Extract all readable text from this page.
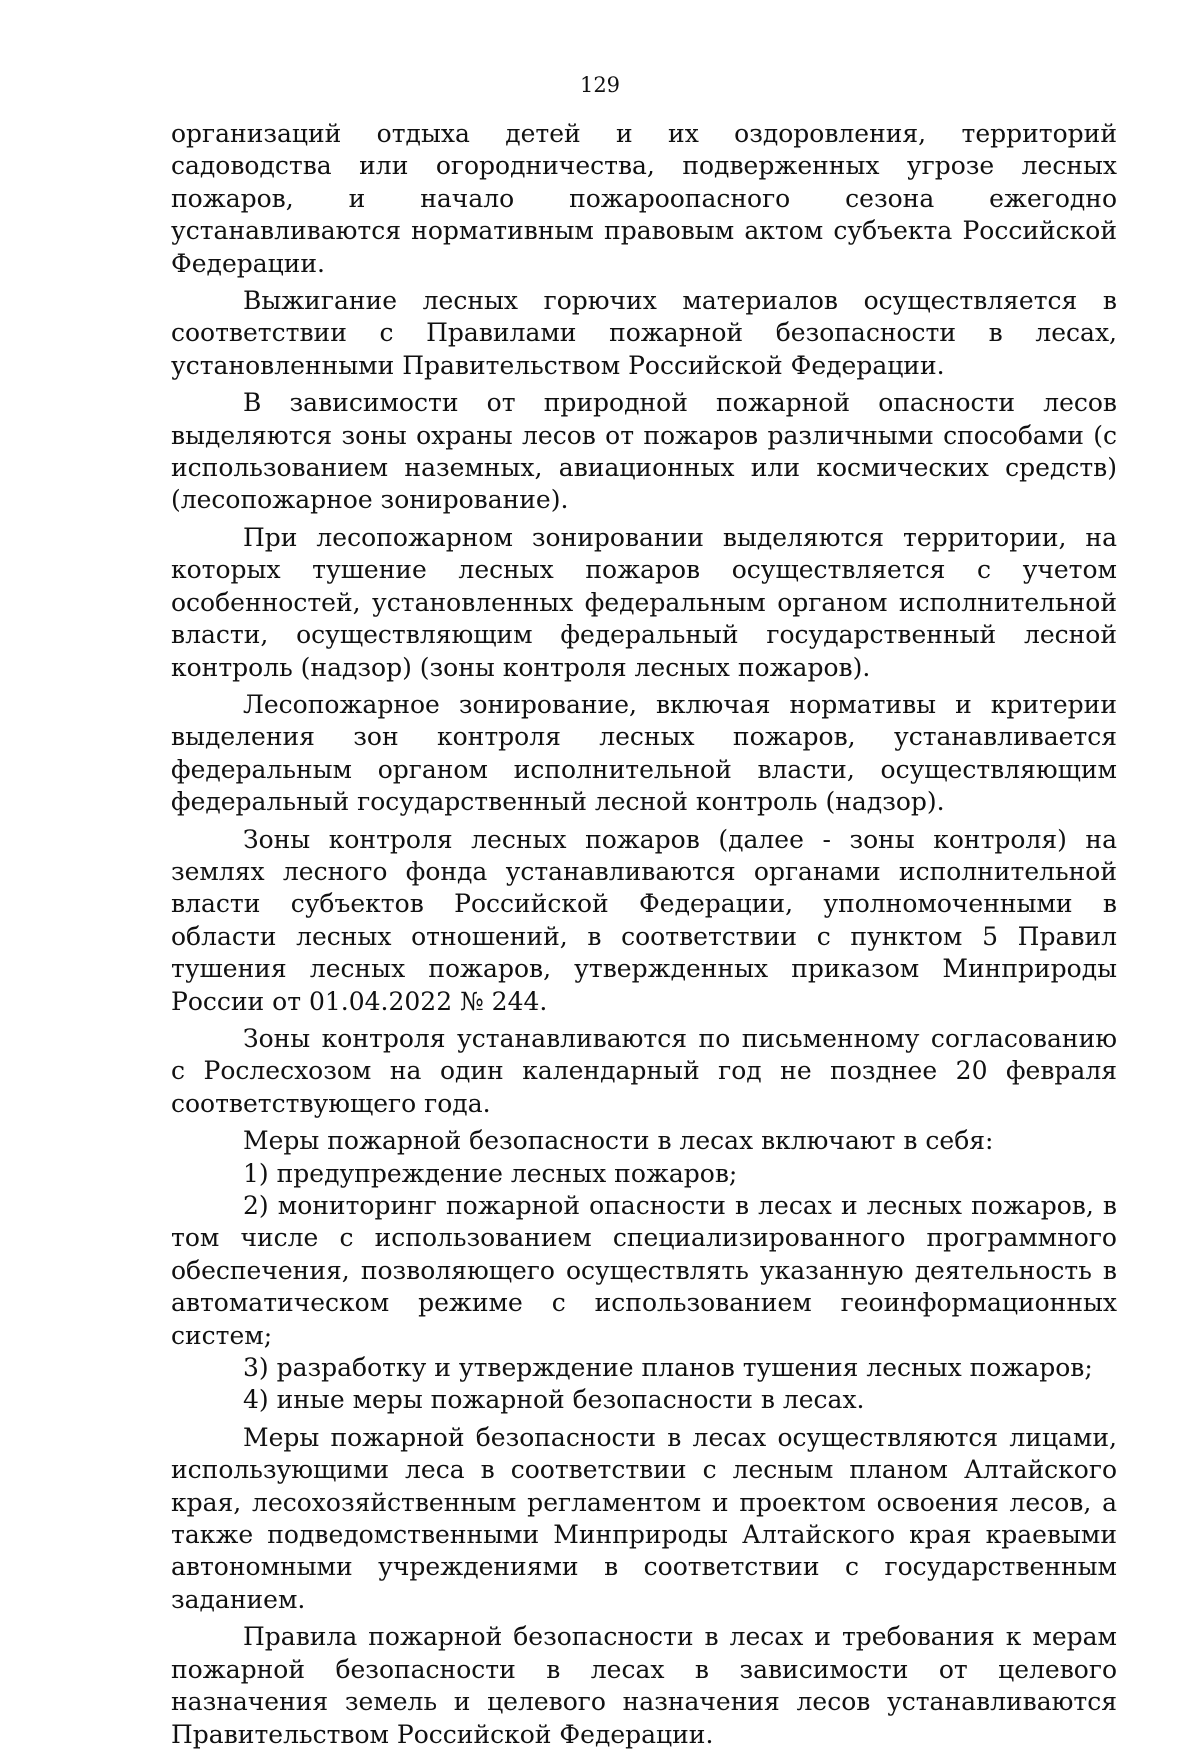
129

организаций отдыха детей и их оздоровления, территорий садоводства или огородничества, подверженных угрозе лесных пожаров, и начало пожароопасного сезона ежегодно устанавливаются нормативным правовым актом субъекта Российской Федерации.

Выжигание лесных горючих материалов осуществляется в соответствии с Правилами пожарной безопасности в лесах, установленными Правительством Российской Федерации.

В зависимости от природной пожарной опасности лесов выделяются зоны охраны лесов от пожаров различными способами (с использованием наземных, авиационных или космических средств) (лесопожарное зонирование).

При лесопожарном зонировании выделяются территории, на которых тушение лесных пожаров осуществляется с учетом особенностей, установленных федеральным органом исполнительной власти, осуществляющим федеральный государственный лесной контроль (надзор) (зоны контроля лесных пожаров).

Лесопожарное зонирование, включая нормативы и критерии выделения зон контроля лесных пожаров, устанавливается федеральным органом исполнительной власти, осуществляющим федеральный государственный лесной контроль (надзор).

Зоны контроля лесных пожаров (далее - зоны контроля) на землях лесного фонда устанавливаются органами исполнительной власти субъектов Российской Федерации, уполномоченными в области лесных отношений, в соответствии с пунктом 5 Правил тушения лесных пожаров, утвержденных приказом Минприроды России от 01.04.2022 № 244.

Зоны контроля устанавливаются по письменному согласованию с Рослесхозом на один календарный год не позднее 20 февраля соответствующего года.

Меры пожарной безопасности в лесах включают в себя:

1) предупреждение лесных пожаров;

2) мониторинг пожарной опасности в лесах и лесных пожаров, в том числе с использованием специализированного программного обеспечения, позволяющего осуществлять указанную деятельность в автоматическом режиме с использованием геоинформационных систем;

3) разработку и утверждение планов тушения лесных пожаров;

4) иные меры пожарной безопасности в лесах.

Меры пожарной безопасности в лесах осуществляются лицами, использующими леса в соответствии с лесным планом Алтайского края, лесохозяйственным регламентом и проектом освоения лесов, а также подведомственными Минприроды Алтайского края краевыми автономными учреждениями в соответствии с государственным заданием.

Правила пожарной безопасности в лесах и требования к мерам пожарной безопасности в лесах в зависимости от целевого назначения земель и целевого назначения лесов устанавливаются Правительством Российской Федерации.
